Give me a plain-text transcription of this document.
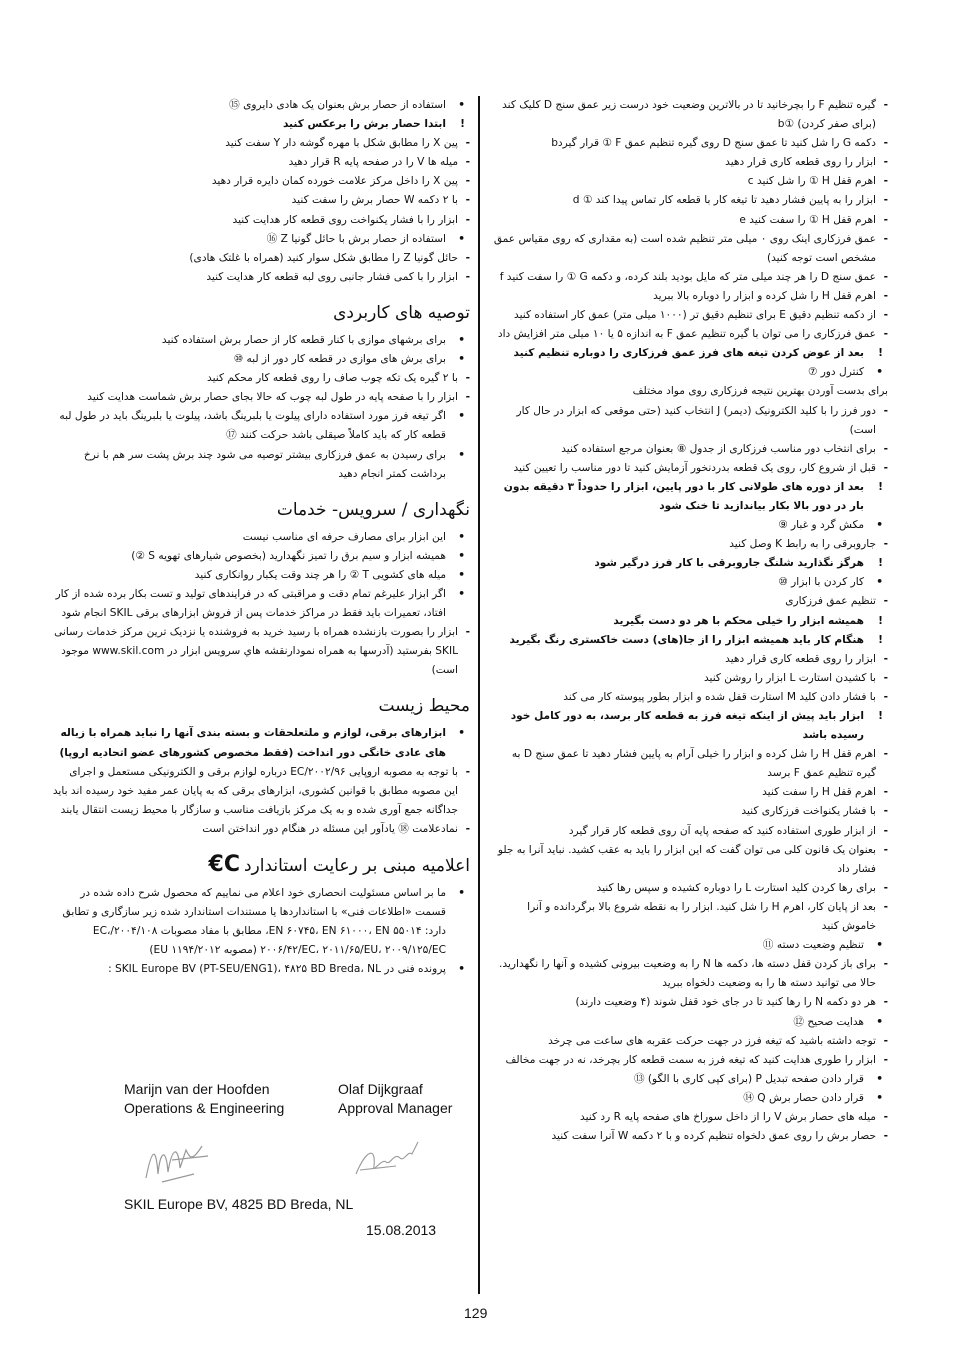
-
گیره تنظیم F را بچرخانید تا در بالاترین وضعیت خود درست زیر عمق سنج D کلیک کند (برای صفر کردن) ①b
-
دکمه G را شل کنید تا عمق سنج D روی گیره تنظیم عمق F ① قرار گیردb
-
ابزار را روی قطعه کاری قرار دهید
-
اهرم قفل H ① را شل کنید c
-
ابزار را به پایین فشار دهید تا تیغه کار با قطعه کار تماس پیدا کند ① d
-
اهرم قفل H ① را سفت کنید e
-
عمق فرزکاری اینک روی ۰ میلی متر تنظیم شده است (به مقداری که روی مقیاس عمق مشخص است توجه کنید)
-
عمق سنج D را هر چند میلی متر که مایل بودید بلند کرده، و دکمه G ① را سفت کنید f
-
اهرم قفل H را شل کرده و ابزار را دوباره بالا ببرید
-
از دکمه تنظیم دقیق E برای تنظیم دقیق تر (۱۰۰۰ میلی متر) عمق کار استفاده کنید
-
عمق فرزکاری را می توان با گیره تنظیم عمق F به اندازه ۵ یا ۱۰ میلی متر افزایش داد
!
بعد از عوض کردن تیغه های فرز عمق فرزکاری را دوباره تنظیم کنید
•
کنترل دور ⑦
برای بدست آوردن بهترین نتیجه فرزکاری روی مواد مختلف
-
دور فرز را با کلید الکترونیک (دیمر) J انتخاب کنید (حتی موقعی که ابزار در حال کار است)
-
برای انتخاب دور مناسب فرزکاری از جدول ⑧ بعنوان مرجع استفاده کنید
-
قبل از شروع کار، روی یک قطعه بدردنخور آزمایش کنید تا دور مناسب را تعیین کنید
!
بعد از دوره های طولانی کار با دور پایین، ابزار را حدوداً ۳ دقیقه بدون بار در دور بالا بکار بیاندازید تا خنک شود
•
مکش گرد و غبار ⑨
-
جاروبرقی را به رابط K وصل کنید
!
هرگز نگذارید شلنگ جاروبرقی با کار فرز درگیر شود
•
کار کردن با ابزار ⑩
-
تنظیم عمق فرزکاری
!
همیشه ابزار را خیلی محکم با هر دو دست بگیرید
!
هنگام کار باید همیشه ابزار را از جا(های) دست خاکستری رنگ بگیرید
-
ابزار را روی قطعه کاری قرار دهید
-
با کشیدن استارت L ابزار را روشن کنید
-
با فشار دادن کلید M استارت قفل شده و ابزار بطور پیوسته کار می کند
!
ابزار باید پیش از اینکه تیغه فرز به قطعه کار برسد، به دور کامل خود رسیده باشد
-
اهرم قفل H را شل کرده و ابزار را خیلی آرام به پایین فشار دهید تا عمق سنج D به گیره تنظیم عمق F برسد
-
اهرم قفل H را سفت کنید
-
با فشار یکنواخت فرزکاری کنید
-
از ابزار طوری استفاده کنید که صفحه پایه آن روی قطعه کار قرار گیرد
-
بعنوان یک قانون کلی می توان گفت که این ابزار را باید به عقب کشید. نباید آنرا به جلو فشار داد
-
برای رها کردن کلید استارت L را دوباره کشیده و سپس رها کنید
-
بعد از پایان کار، اهرم H را شل کنید. ابزار را به نقطه شروع بالا برگردانده و آنرا خاموش کنید
•
تنظیم وضعیت دسته ⑪
-
برای باز کردن قفل دسته ها، دکمه ها N را به وضعیت بیرونی کشیده و آنها را نگهدارید. حالا می توانید دسته ها را به وضعیت دلخواه ببرید
-
هر دو دکمه N را رها کنید تا در جای خود قفل شوند (۴ وضعیت دارند)
•
هدایت صحیح ⑫
-
توجه داشته باشید که تیغه فرز در جهت حرکت عقربه های ساعت می چرخد
-
ابزار را طوری هدایت کنید که تیغه فرز به سمت قطعه کار بچرخد، نه در جهت مخالف
•
قرار دادن صفحه تبدیل P (برای کپی کاری با الگو) ⑬
•
قرار دادن حصار برش Q ⑭
-
میله های حصار برش V را از داخل سوراخ های صفحه پایه R رد کنید
-
حصار برش را روی عمق دلخواه تنظیم کرده و با ۲ دکمه W آنرا سفت کنید
•
استفاده از حصار برش بعنوان یک هادی دایروی ⑮
!
ابتدا حصار برش را برعکس کنید
-
پین X را مطابق شکل با مهره گوشه دار Y سفت کنید
-
میله ها V را در صفحه پایه R قرار دهید
-
پین X را داخل مرکز علامت خورده کمان دایره قرار دهید
-
با ۲ دکمه W حصار برش را سفت کنید
-
ابزار را با فشار یکنواخت روی قطعه کار هدایت کنید
•
استفاده از حصار برش با حائل گونیا Z ⑯
-
حائل گونیا Z را مطابق شکل سوار کنید (همراه با غلتک هادی)
-
ابزار را با کمی فشار جانبی روی لبه قطعه کار هدایت کنید
توصیه های کاربردی
•
برای برشهای موازی با کنار قطعه کار از حصار برش استفاده کنید
•
برای برش های موازی در قطعه کار دور از لبه ⑩
-
با ۲ گیره یک تکه چوب صاف را روی قطعه کار محکم کنید
-
ابزار را با صفحه پایه در طول لبه چوب که حالا بجای حصار برش شماست هدایت کنید
•
اگر تیغه فرز مورد استفاده دارای پیلوت یا بلبرینگ باشد، پیلوت یا بلبرینگ باید در طول لبه قطعه کار که باید کاملاً صیقلی باشد حرکت کنند ⑰
•
برای رسیدن به عمق فرزکاری بیشتر توصیه می شود چند برش پشت سر هم با نرخ برداشت کمتر انجام دهید
نگهداری / سرویس- خدمات
•
این ابزار برای مصارف حرفه ای مناسب نیست
•
همیشه ابزار و سیم برق را تمیز نگهدارید (بخصوص شیارهای تهویه S ②)
•
میله های کشویی T ② را هر چند وقت یکبار روانکاری کنید
•
اگر ابزار علیرغم تمام دقت و مراقبتی که در فرایندهای تولید و تست بکار برده شده از کار افتاد، تعمیرات باید فقط در مراکز خدمات پس از فروش ابزارهای برقی SKIL انجام شود
-
ابزار را بصورت بازنشده همراه با رسید خرید به فروشنده یا نزدیک ترین مرکز خدمات رسانی SKIL بفرستید (آدرسها به همراه نمودارنقشه هاي سرويس ابزار در www.skil.com موجود است)
محیط زیست
•
ابزارهای برقی، لوازم و ملتعلحقات و بسته بندی آنها را نباید همراه با زباله های عادی خانگی دور انداخت (فقط مخصوص کشورهای عضو اتحادیه اروپا)
-
با توجه به مصوبه اروپایی ۲۰۰۲/۹۶/EC درباره لوازم برقی و الکترونیکی مستعمل و اجرای این مصوبه مطابق با قوانین کشوری، ابزارهای برقی که به پایان عمر مفید خود رسیده اند باید جداگانه جمع آوری شده و به یک مرکز بازیافت مناسب و سازگار با محیط زیست انتقال یابند
-
نمادعلامت ⑱ یادآور این مسئله در هنگام دور انداختن است
اعلامیه مبنی بر رعایت استانداردC€
•
ما بر اساس مسئولیت انحصاری خود اعلام می نماییم که محصول شرح داده شده در قسمت «اطلاعات فنی» با استانداردها یا مستندات استاندارد شده زیر سازگاری و تطابق دارد: EN ۶۰۷۴۵، EN ۶۱۰۰۰، EN ۵۵۰۱۴، مطابق با مفاد مصوبات ۲۰۰۴/۱۰۸/EC، ۲۰۰۶/۴۲/EC، ۲۰۱۱/۶۵/EU، ۲۰۰۹/۱۲۵/EC (مصوبه ۱۱۹۴/۲۰۱۲ EU)
•
پرونده فنی در SKIL Europe BV (PT-SEU/ENG1)، ۴۸۲۵ BD Breda، NL :
Marijn van der Hoofden
Operations & Engineering
Olaf Dijkgraaf
Approval Manager
SKIL Europe BV, 4825 BD Breda, NL
15.08.2013
129
